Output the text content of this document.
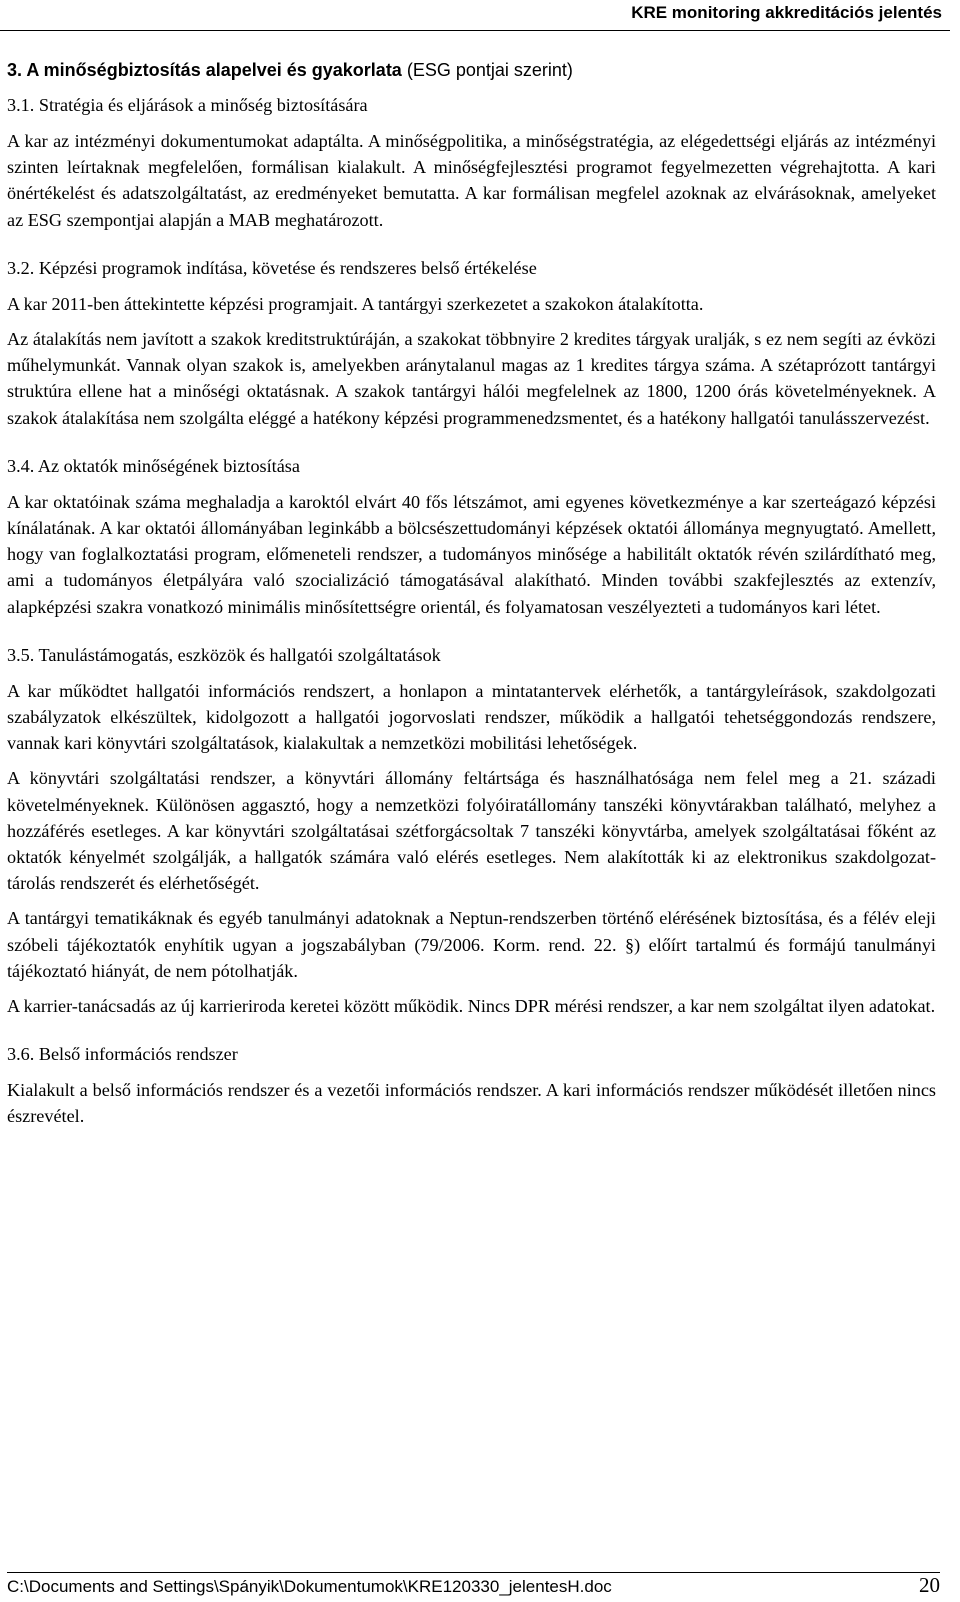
KRE monitoring akkreditációs jelentés
3. A minőségbiztosítás alapelvei és gyakorlata (ESG pontjai szerint)
3.1. Stratégia és eljárások a minőség biztosítására

A kar az intézményi dokumentumokat adaptálta. A minőségpolitika, a minőségstratégia, az elégedettségi eljárás az intézményi szinten leírtaknak megfelelően, formálisan kialakult. A minőségfejlesztési programot fegyelmezetten végrehajtotta. A kari önértékelést és adatszolgáltatást, az eredményeket bemutatta. A kar formálisan megfelel azoknak az elvárásoknak, amelyeket az ESG szempontjai alapján a MAB meghatározott.

3.2. Képzési programok indítása, követése és rendszeres belső értékelése

A kar 2011-ben áttekintette képzési programjait. A tantárgyi szerkezetet a szakokon átalakította.

Az átalakítás nem javított a szakok kreditstruktúráján, a szakokat többnyire 2 kredites tárgyak uralják, s ez nem segíti az évközi műhelymunkát. Vannak olyan szakok is, amelyekben aránytalanul magas az 1 kredites tárgya száma. A szétaprózott tantárgyi struktúra ellene hat a minőségi oktatásnak. A szakok tantárgyi hálói megfelelnek az 1800, 1200 órás követelményeknek. A szakok átalakítása nem szolgálta eléggé a hatékony képzési programmenedzsmentet, és a hatékony hallgatói tanulásszervezést.

3.4. Az oktatók minőségének biztosítása

A kar oktatóinak száma meghaladja a karoktól elvárt 40 fős létszámot, ami egyenes következménye a kar szerteágazó képzési kínálatának. A kar oktatói állományában leginkább a bölcsészettudományi képzések oktatói állománya megnyugtató. Amellett, hogy van foglalkoztatási program, előmeneteli rendszer, a tudományos minősége a habilitált oktatók révén szilárdítható meg, ami a tudományos életpályára való szocializáció támogatásával alakítható. Minden további szakfejlesztés az extenzív, alapképzési szakra vonatkozó minimális minősítettségre orientál, és folyamatosan veszélyezteti a tudományos kari létet.

3.5. Tanulástámogatás, eszközök és hallgatói szolgáltatások

A kar működtet hallgatói információs rendszert, a honlapon a mintatantervek elérhetők, a tantárgyleírások, szakdolgozati szabályzatok elkészültek, kidolgozott a hallgatói jogorvoslati rendszer, működik a hallgatói tehetséggondozás rendszere, vannak kari könyvtári szolgáltatások, kialakultak a nemzetközi mobilitási lehetőségek.

A könyvtári szolgáltatási rendszer, a könyvtári állomány feltártsága és használhatósága nem felel meg a 21. századi követelményeknek. Különösen aggasztó, hogy a nemzetközi folyóiratállomány tanszéki könyvtárakban található, melyhez a hozzáférés esetleges. A kar könyvtári szolgáltatásai szétforgácsoltak 7 tanszéki könyvtárba, amelyek szolgáltatásai főként az oktatók kényelmét szolgálják, a hallgatók számára való elérés esetleges. Nem alakították ki az elektronikus szakdolgozat-tárolás rendszerét és elérhetőségét.

A tantárgyi tematikáknak és egyéb tanulmányi adatoknak a Neptun-rendszerben történő elérésének biztosítása, és a félév eleji szóbeli tájékoztatók enyhítik ugyan a jogszabályban (79/2006. Korm. rend. 22. §) előírt tartalmú és formájú tanulmányi tájékoztató hiányát, de nem pótolhatják.

A karrier-tanácsadás az új karrieriroda keretei között működik. Nincs DPR mérési rendszer, a kar nem szolgáltat ilyen adatokat.

3.6. Belső információs rendszer

Kialakult a belső információs rendszer és a vezetői információs rendszer. A kari információs rendszer működését illetően nincs észrevétel.

C:\Documents and Settings\Spányik\Dokumentumok\KRE120330_jelentesH.doc	20
